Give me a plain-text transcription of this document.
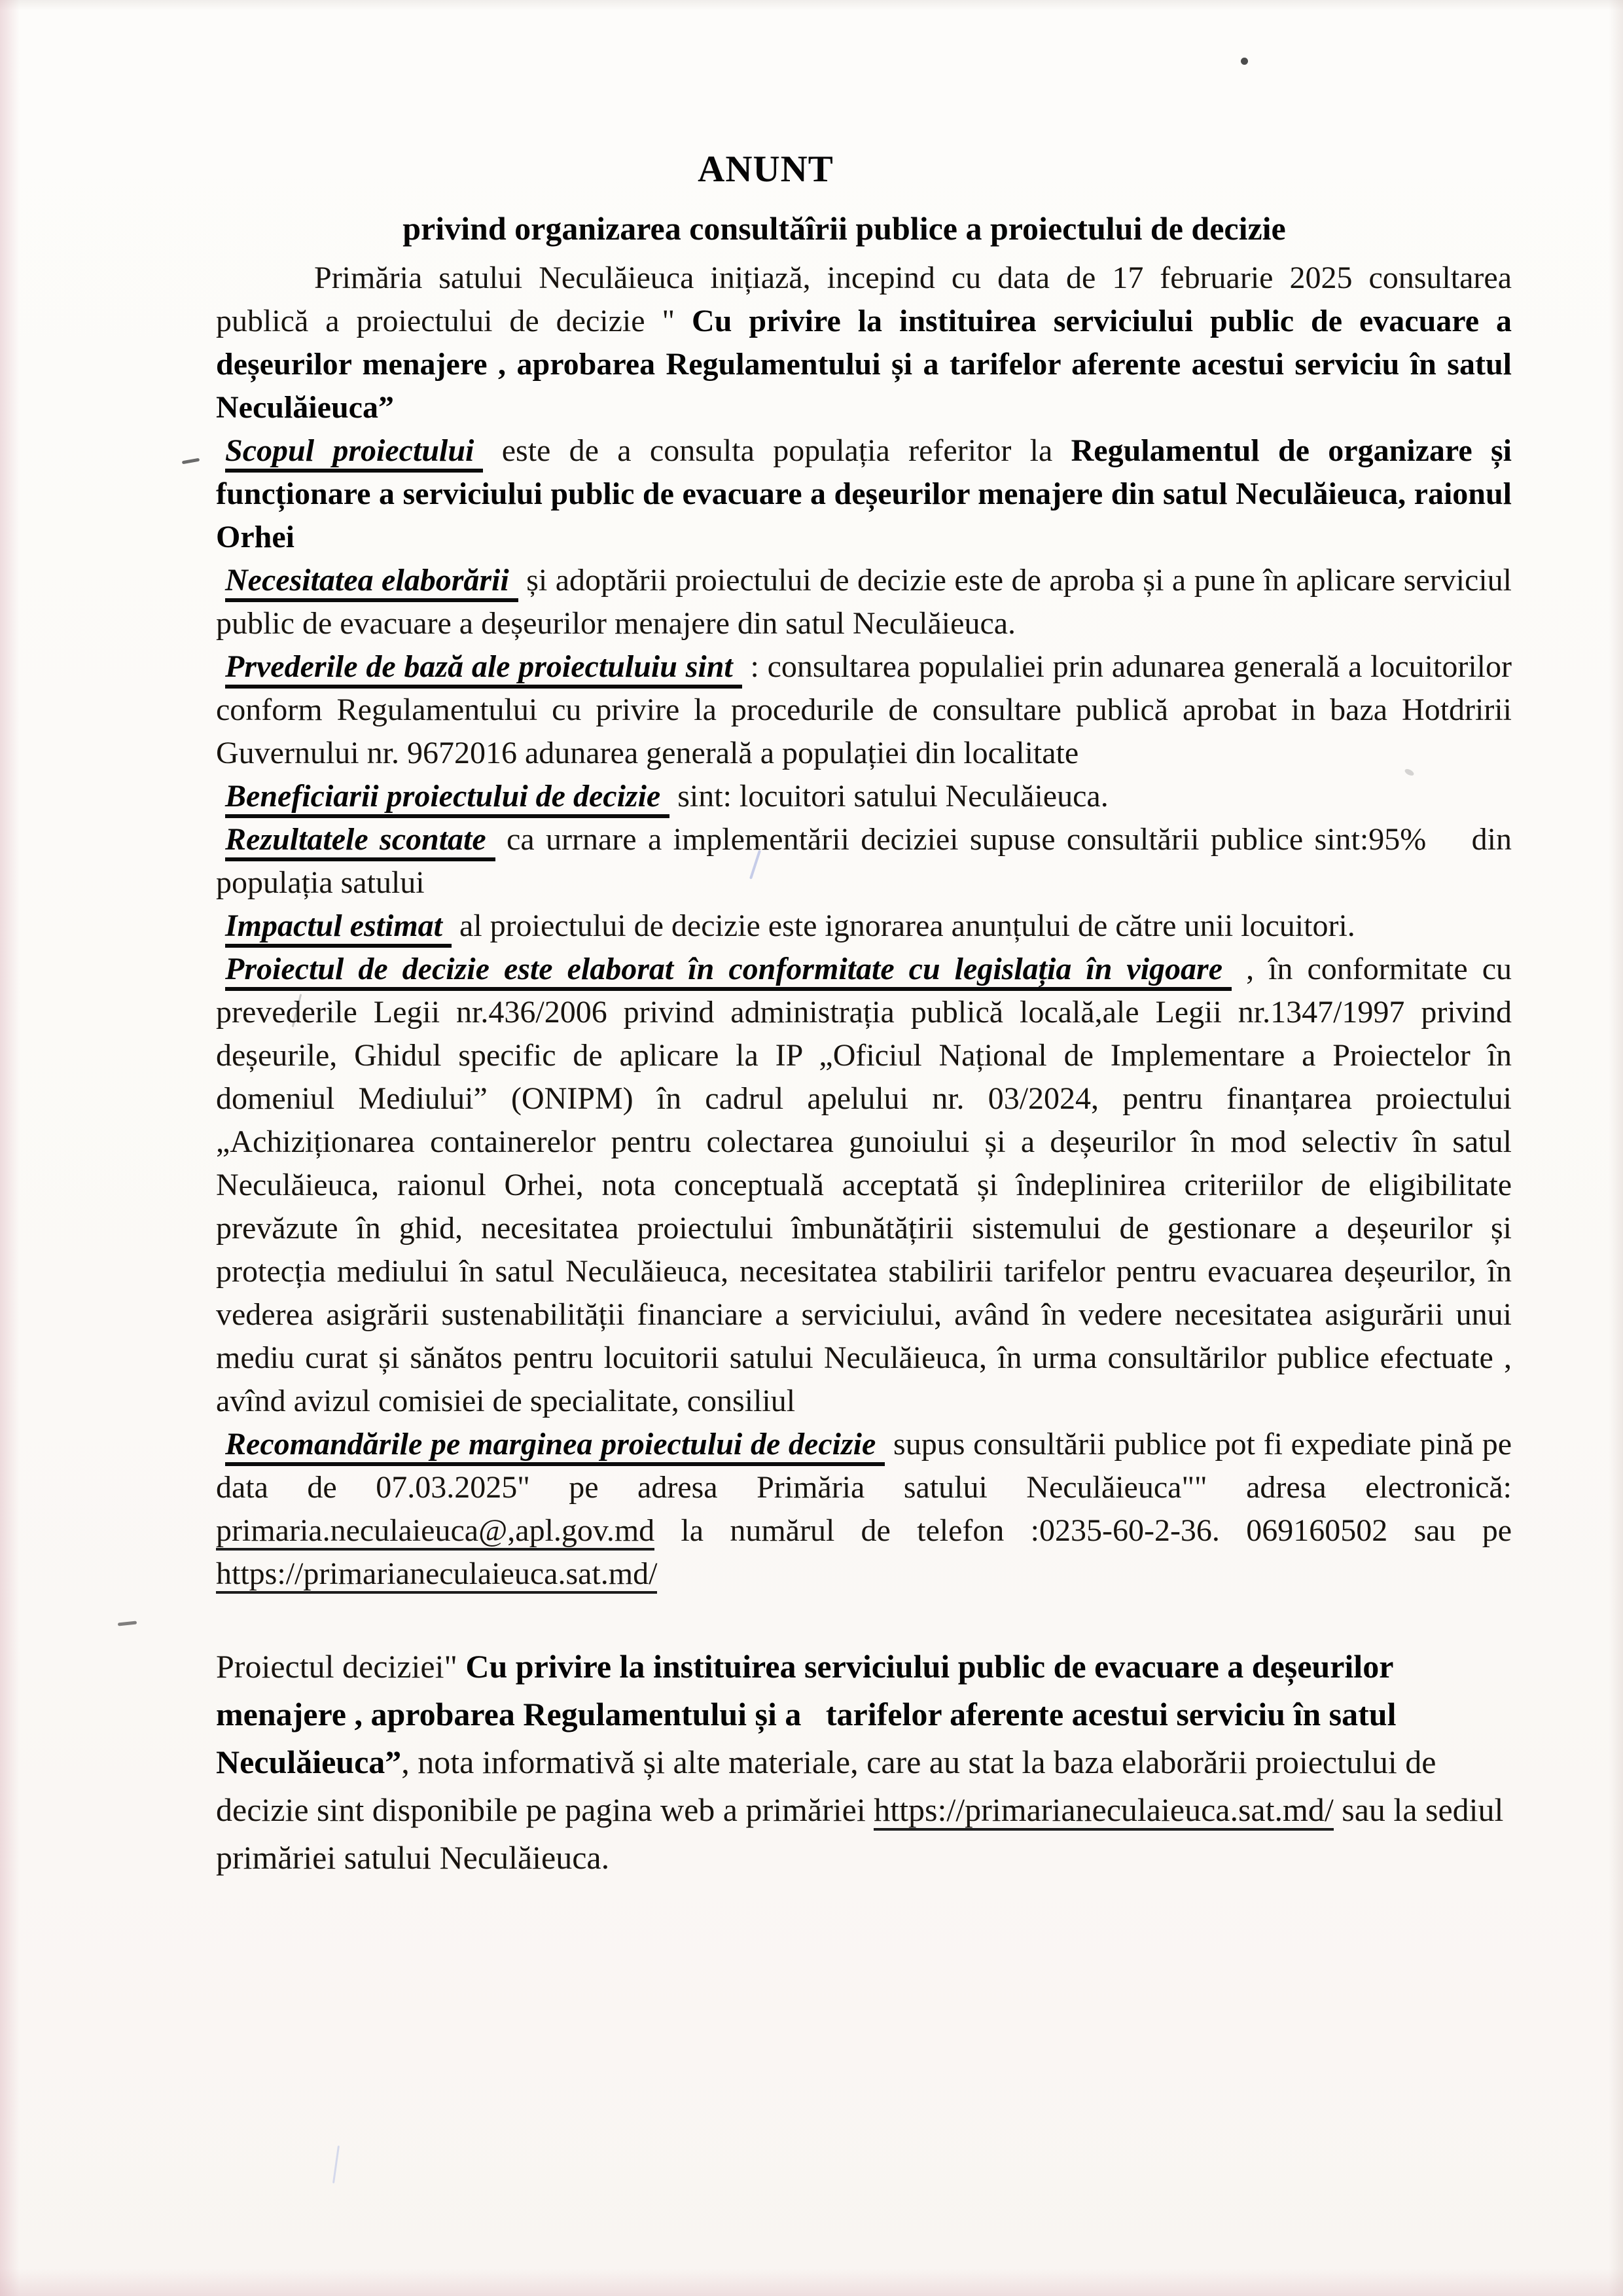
ANUNT
privind organizarea consultăîrii publice a proiectului de decizie

Primăria satului Neculăieuca inițiază, incepind cu data de 17 februarie 2025 consultarea publică a proiectului de decizie " Cu privire la instituirea serviciului public de evacuare a deșeurilor menajere , aprobarea Regulamentului și a tarifelor aferente acestui serviciu în satul Neculăieuca”

Scopul proiectului este de a consulta populația referitor la Regulamentul de organizare și funcționare a serviciului public de evacuare a deșeurilor menajere din satul Neculăieuca, raionul Orhei

Necesitatea elaborării și adoptării proiectului de decizie este de aproba și a pune în aplicare serviciul public de evacuare a deșeurilor menajere din satul Neculăieuca.

Prvederile de bază ale proiectuluiu sint : consultarea populaliei prin adunarea generală a locuitorilor conform Regulamentului cu privire la procedurile de consultare publică aprobat in baza Hotdririi Guvernului nr. 9672016 adunarea generală a populației din localitate

Beneficiarii proiectului de decizie sint: locuitori satului Neculăieuca.

Rezultatele scontate ca urrnare a implementării deciziei supuse consultării publice sint:95%    din populația satului

Impactul estimat al proiectului de decizie este ignorarea anunțului de către unii locuitori.

Proiectul de decizie este elaborat în conformitate cu legislația în vigoare , în conformitate cu prevederile Legii nr.436/2006 privind administrația publică locală,ale Legii nr.1347/1997 privind deșeurile, Ghidul specific de aplicare la IP „Oficiul Național de Implementare a Proiectelor în domeniul Mediului” (ONIPM) în cadrul apelului nr. 03/2024, pentru finanțarea proiectului „Achiziționarea containerelor pentru colectarea gunoiului și a deșeurilor în mod selectiv în satul Neculăieuca, raionul Orhei, nota conceptuală acceptată și îndeplinirea criteriilor de eligibilitate prevăzute în ghid, necesitatea proiectului îmbunătățirii sistemului de gestionare a deșeurilor și protecția mediului în satul Neculăieuca, necesitatea stabilirii tarifelor pentru evacuarea deșeurilor, în vederea asigrării sustenabilității financiare a serviciului, având în vedere necesitatea asigurării unui mediu curat și sănătos pentru locuitorii satului Neculăieuca, în urma consultărilor publice efectuate , avînd avizul comisiei de specialitate, consiliul

Recomandările pe marginea proiectului de decizie supus consultării publice pot fi expediate pină pe data de 07.03.2025" pe adresa Primăria satului Neculăieuca"" adresa electronică: primaria.neculaieuca@,apl.gov.md la numărul de telefon :0235-60-2-36. 069160502 sau pe https://primarianeculaieuca.sat.md/

Proiectul deciziei" Cu privire la instituirea serviciului public de evacuare a deșeurilor menajere , aprobarea Regulamentului și a   tarifelor aferente acestui serviciu în satul Neculăieuca”, nota informativă și alte materiale, care au stat la baza elaborării proiectului de decizie sint disponibile pe pagina web a primăriei https://primarianeculaieuca.sat.md/ sau la sediul primăriei satului Neculăieuca.
